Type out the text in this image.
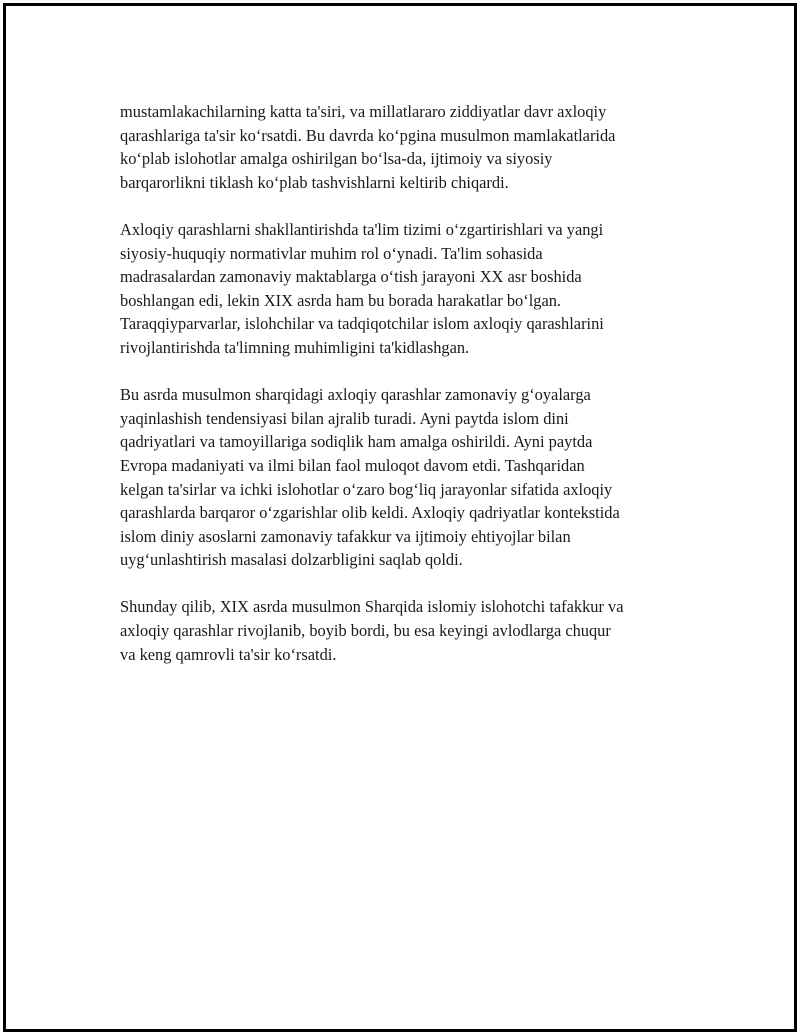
mustamlakachilarning katta ta'siri, va millatlararo ziddiyatlar davr axloqiy
qarashlariga ta'sir ko‘rsatdi. Bu davrda ko‘pgina musulmon mamlakatlarida
ko‘plab islohotlar amalga oshirilgan bo‘lsa-da, ijtimoiy va siyosiy
barqarorlikni tiklash ko‘plab tashvishlarni keltirib chiqardi.

Axloqiy qarashlarni shakllantirishda ta'lim tizimi o‘zgartirishlari va yangi
siyosiy-huquqiy normativlar muhim rol o‘ynadi. Ta'lim sohasida
madrasalardan zamonaviy maktablarga o‘tish jarayoni XX asr boshida
boshlangan edi, lekin XIX asrda ham bu borada harakatlar bo‘lgan.
Taraqqiyparvarlar, islohchilar va tadqiqotchilar islom axloqiy qarashlarini
rivojlantirishda ta'limning muhimligini ta'kidlashgan.

Bu asrda musulmon sharqidagi axloqiy qarashlar zamonaviy g‘oyalarga
yaqinlashish tendensiyasi bilan ajralib turadi. Ayni paytda islom dini
qadriyatlari va tamoyillariga sodiqlik ham amalga oshirildi. Ayni paytda
Evropa madaniyati va ilmi bilan faol muloqot davom etdi. Tashqaridan
kelgan ta'sirlar va ichki islohotlar o‘zaro bog‘liq jarayonlar sifatida axloqiy
qarashlarda barqaror o‘zgarishlar olib keldi. Axloqiy qadriyatlar kontekstida
islom diniy asoslarni zamonaviy tafakkur va ijtimoiy ehtiyojlar bilan
uyg‘unlashtirish masalasi dolzarbligini saqlab qoldi.

Shunday qilib, XIX asrda musulmon Sharqida islomiy islohotchi tafakkur va
axloqiy qarashlar rivojlanib, boyib bordi, bu esa keyingi avlodlarga chuqur
va keng qamrovli ta'sir ko‘rsatdi.
